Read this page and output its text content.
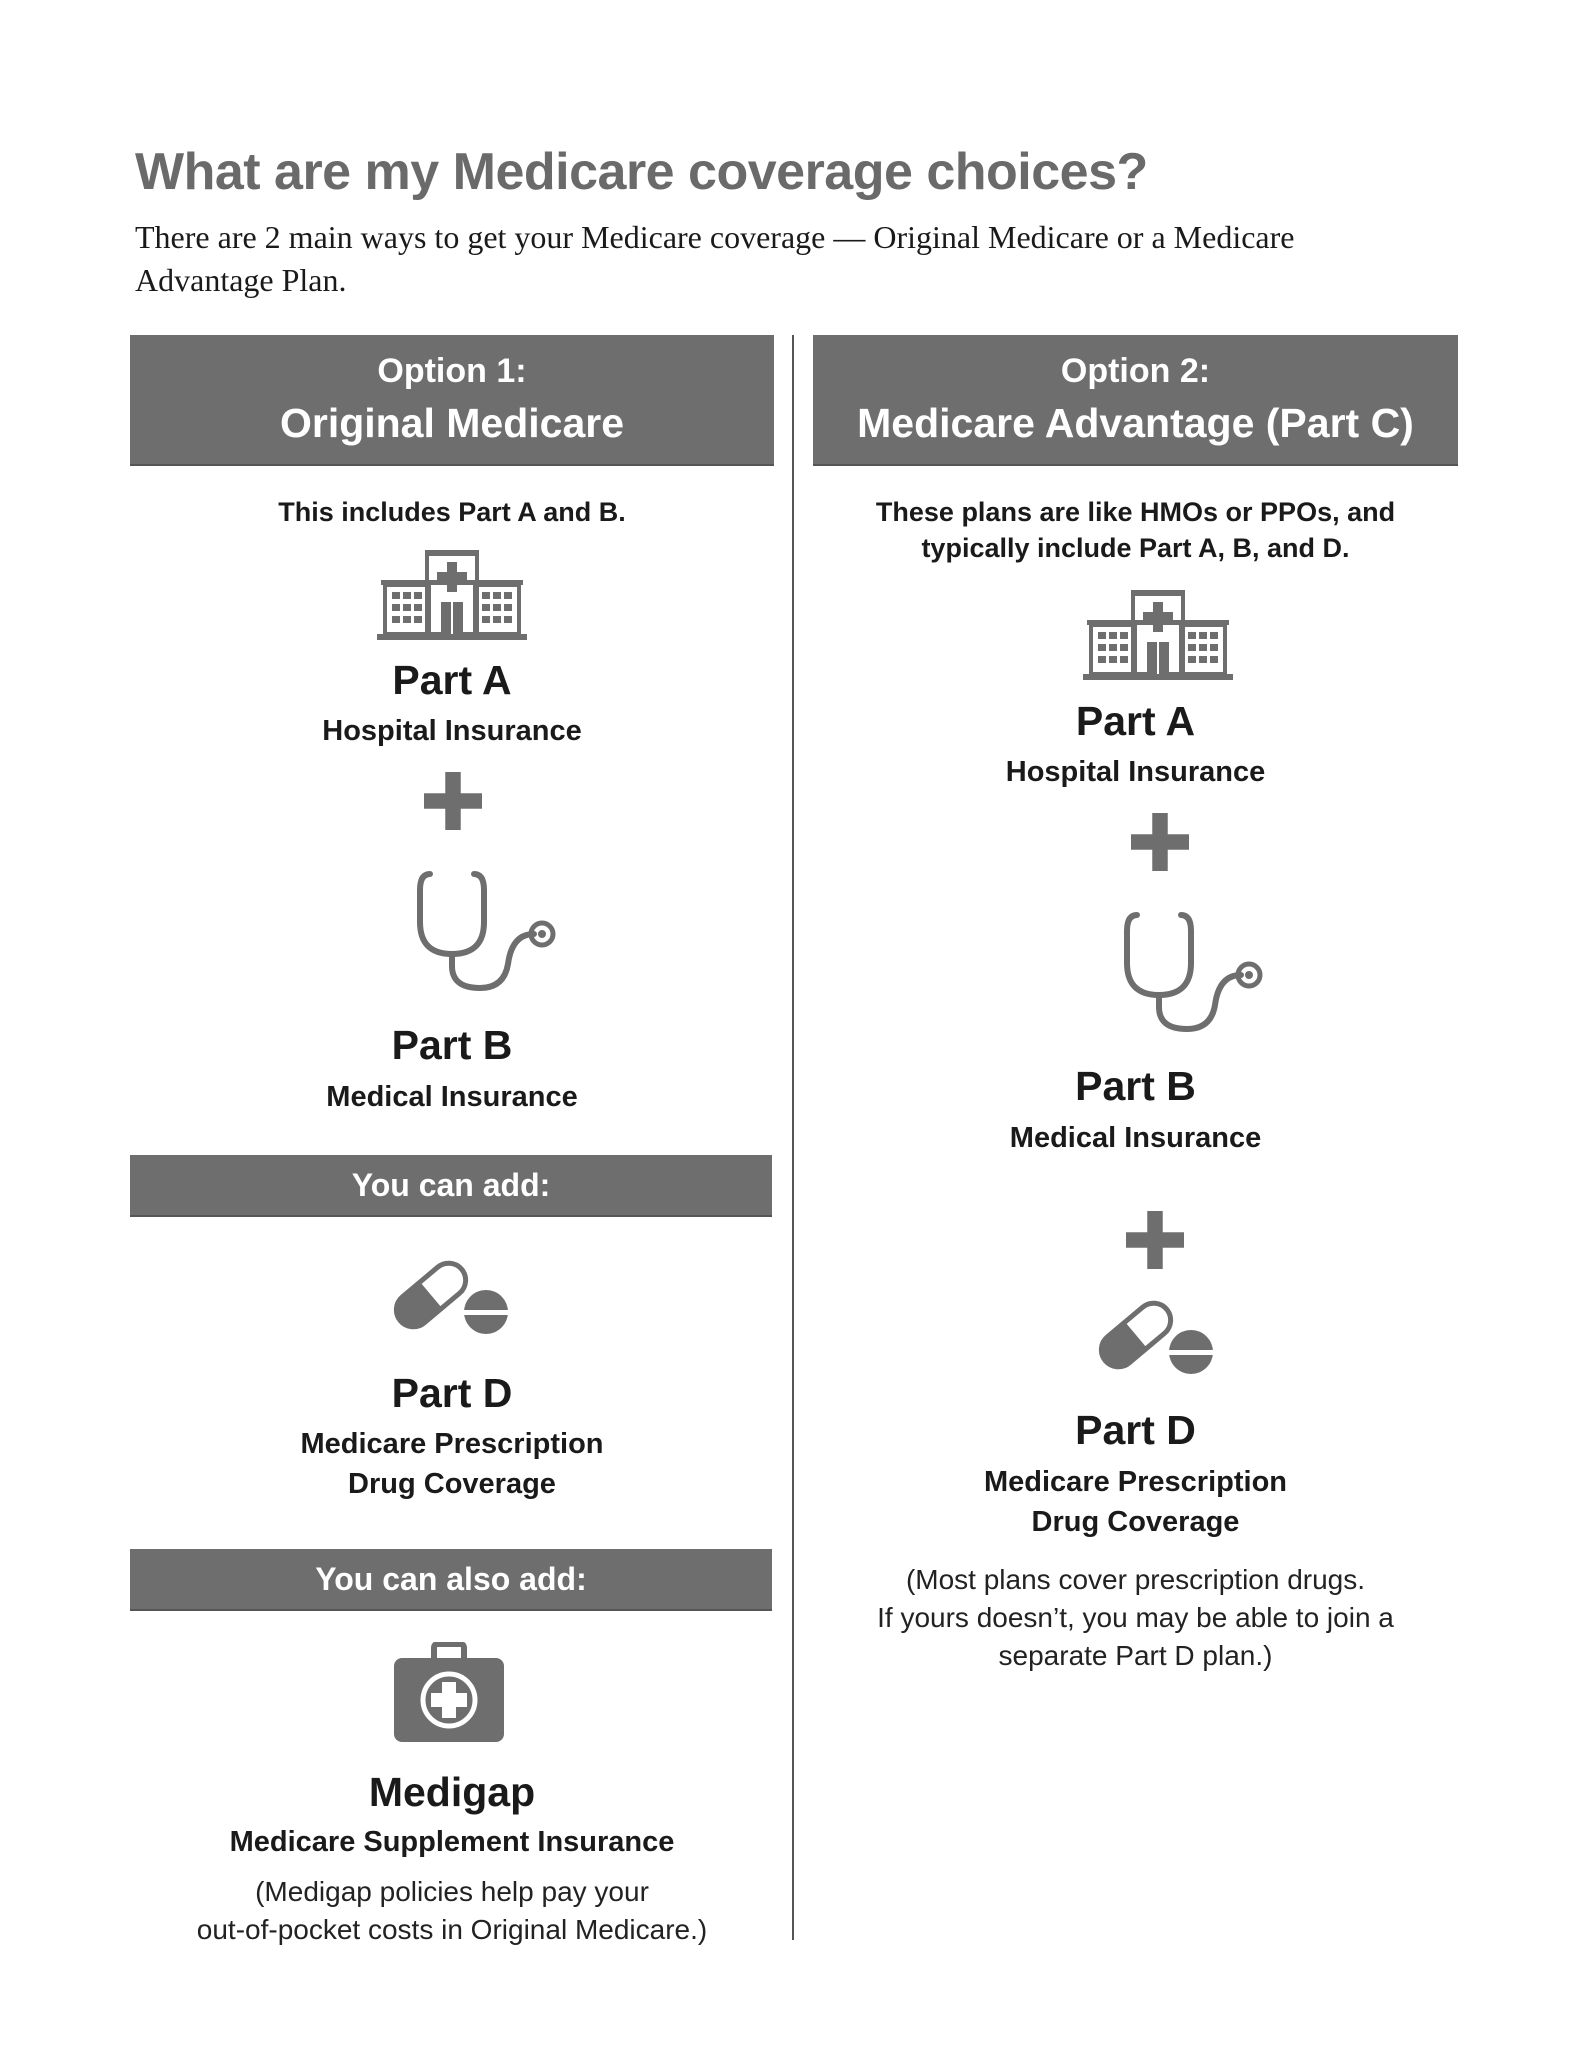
What are my Medicare coverage choices?
There are 2 main ways to get your Medicare coverage — Original Medicare or a Medicare Advantage Plan.
Option 1:
Original Medicare
This includes Part A and B.
Part A
Hospital Insurance
Part B
Medical Insurance
You can add:
Part D
Medicare Prescription
Drug Coverage
You can also add:
Medigap
Medicare Supplement Insurance
(Medigap policies help pay your
out-of-pocket costs in Original Medicare.)
Option 2:
Medicare Advantage (Part C)
These plans are like HMOs or PPOs, and
typically include Part A, B, and D.
Part A
Hospital Insurance
Part B
Medical Insurance
Part D
Medicare Prescription
Drug Coverage
(Most plans cover prescription drugs.
If yours doesn’t, you may be able to join a
separate Part D plan.)
